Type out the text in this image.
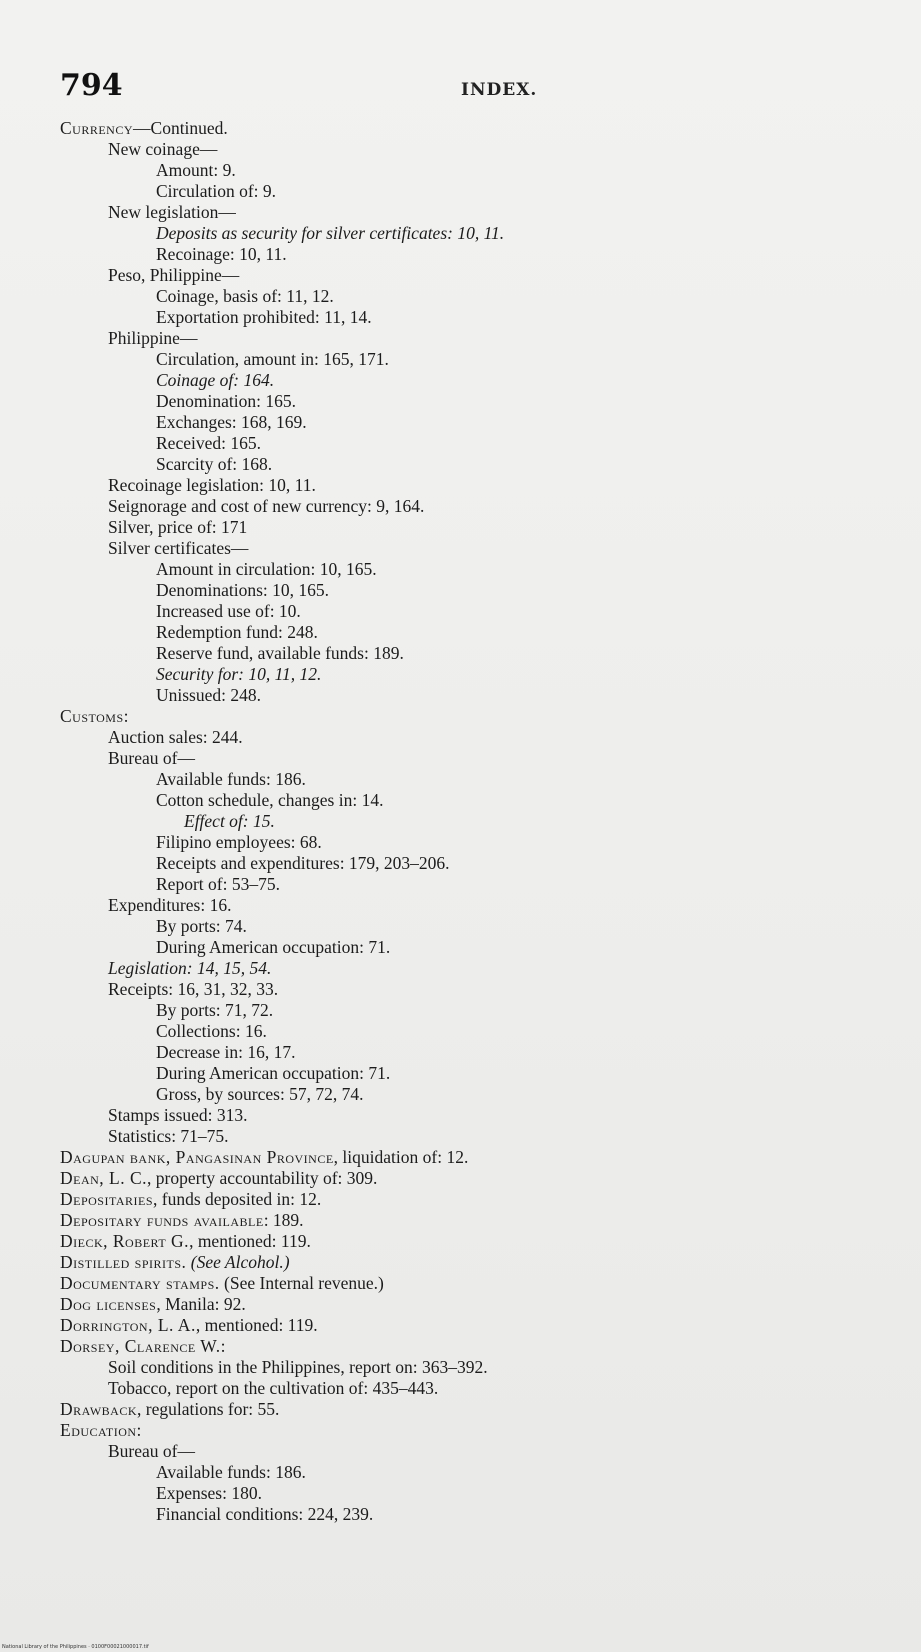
794	INDEX.
Currency—Continued.
New coinage—
Amount: 9.
Circulation of: 9.
New legislation—
Deposits as security for silver certificates: 10, 11.
Recoinage: 10, 11.
Peso, Philippine—
Coinage, basis of: 11, 12.
Exportation prohibited: 11, 14.
Philippine—
Circulation, amount in: 165, 171.
Coinage of: 164.
Denomination: 165.
Exchanges: 168, 169.
Received: 165.
Scarcity of: 168.
Recoinage legislation: 10, 11.
Seignorage and cost of new currency: 9, 164.
Silver, price of: 171
Silver certificates—
Amount in circulation: 10, 165.
Denominations: 10, 165.
Increased use of: 10.
Redemption fund: 248.
Reserve fund, available funds: 189.
Security for: 10, 11, 12.
Unissued: 248.
Customs:
Auction sales: 244.
Bureau of—
Available funds: 186.
Cotton schedule, changes in: 14.
Effect of: 15.
Filipino employees: 68.
Receipts and expenditures: 179, 203–206.
Report of: 53–75.
Expenditures: 16.
By ports: 74.
During American occupation: 71.
Legislation: 14, 15, 54.
Receipts: 16, 31, 32, 33.
By ports: 71, 72.
Collections: 16.
Decrease in: 16, 17.
During American occupation: 71.
Gross, by sources: 57, 72, 74.
Stamps issued: 313.
Statistics: 71–75.
Dagupan bank, Pangasinan Province, liquidation of: 12.
Dean, L. C., property accountability of: 309.
Depositaries, funds deposited in: 12.
Depositary funds available: 189.
Dieck, Robert G., mentioned: 119.
Distilled spirits. (See Alcohol.)
Documentary stamps. (See Internal revenue.)
Dog licenses, Manila: 92.
Dorrington, L. A., mentioned: 119.
Dorsey, Clarence W.:
Soil conditions in the Philippines, report on: 363–392.
Tobacco, report on the cultivation of: 435–443.
Drawback, regulations for: 55.
Education:
Bureau of—
Available funds: 186.
Expenses: 180.
Financial conditions: 224, 239.
National Library of the Philippines · 0100F00021000017.tif
